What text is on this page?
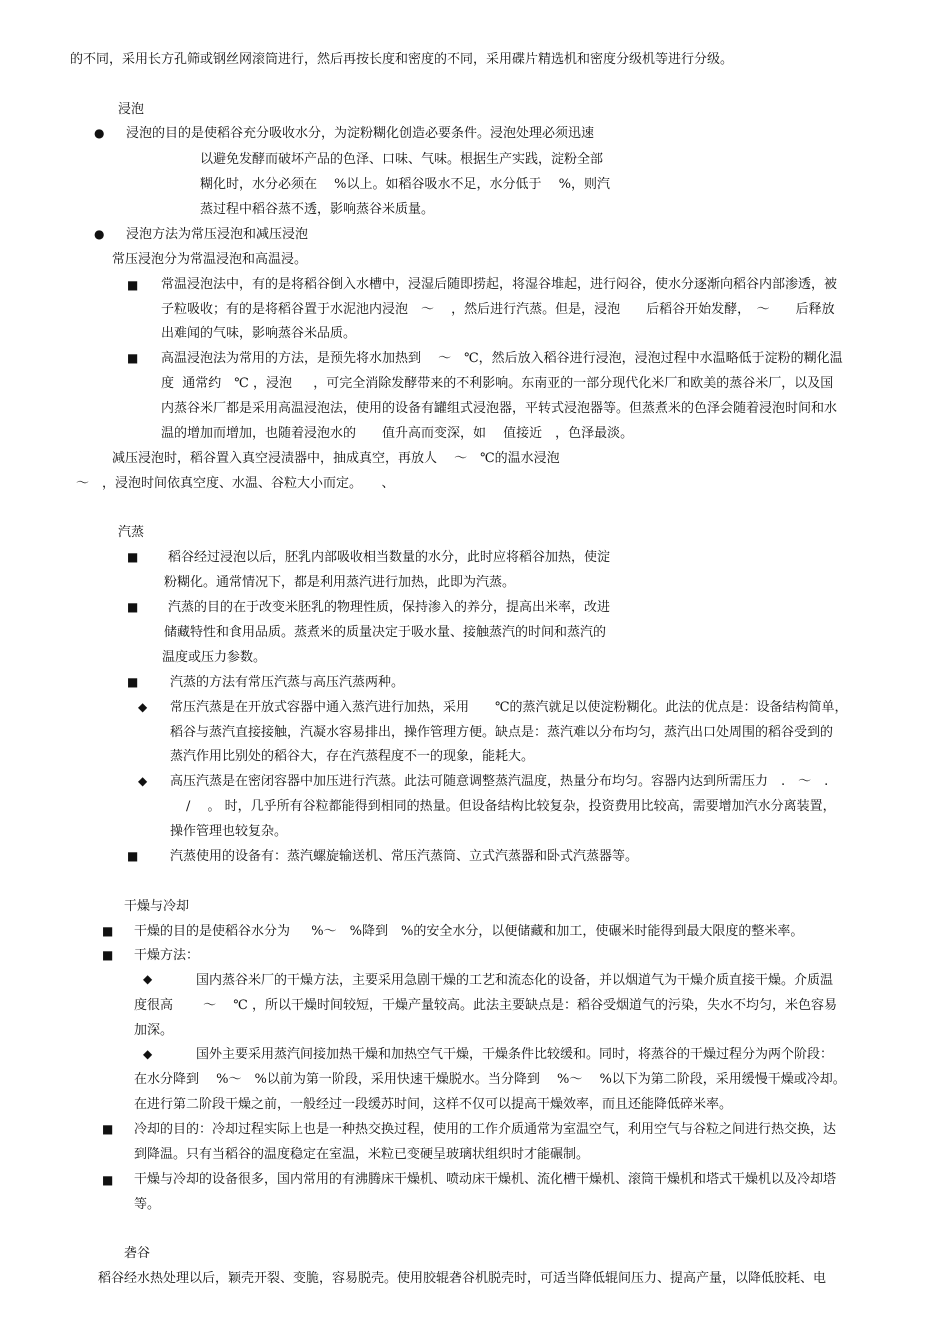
●
●
■
■
■
■
■
◆
◆
■
■
■
◆
◆
■
■
的不同，采用长方孔筛或钢丝网滚筒进行，然后再按长度和密度的不同，采用碟片精选机和密度分级机等进行分级。
浸泡
浸泡的目的是使稻谷充分吸收水分，为淀粉糊化创造必要条件。浸泡处理必须迅速
以避免发酵而破坏产品的色泽、口味、气味。根据生产实践，淀粉全部
糊化时，水分必须在　 %以上。如稻谷吸水不足，水分低于　 %，则汽
蒸过程中稻谷蒸不透，影响蒸谷米质量。
浸泡方法为常压浸泡和减压浸泡
常压浸泡分为常温浸泡和高温浸。
常温浸泡法中，有的是将稻谷倒入水槽中，浸湿后随即捞起，将湿谷堆起，进行闷谷，使水分逐渐向稻谷内部渗透，被
子粒吸收；有的是将稻谷置于水泥池内浸泡　～　 ，然后进行汽蒸。但是，浸泡　　后稻谷开始发酵，　～　　后释放
出难闻的气味，影响蒸谷米品质。
高温浸泡法为常用的方法，是预先将水加热到　 ～　℃，然后放入稻谷进行浸泡，浸泡过程中水温略低于淀粉的糊化温
度  通常约　℃ ，浸泡　  ，可完全消除发酵带来的不利影响。东南亚的一部分现代化米厂和欧美的蒸谷米厂，以及国
内蒸谷米厂都是采用高温浸泡法，使用的设备有罐组式浸泡器，平转式浸泡器等。但蒸煮米的色泽会随着浸泡时间和水
温的增加而增加，也随着浸泡水的　　值升高而变深，如　 值接近　，色泽最淡。
减压浸泡时，稻谷置入真空浸渍器中，抽成真空，再放人　 ～　℃的温水浸泡
～　，浸泡时间依真空度、水温、谷粒大小而定。　　、
汽蒸
稻谷经过浸泡以后，胚乳内部吸收相当数量的水分，此时应将稻谷加热，使淀
粉糊化。通常情况下，都是利用蒸汽进行加热，此即为汽蒸。
汽蒸的目的在于改变米胚乳的物理性质，保持渗入的养分，提高出米率，改进
储藏特性和食用品质。蒸煮米的质量决定于吸水量、接触蒸汽的时间和蒸汽的
温度或压力参数。
汽蒸的方法有常压汽蒸与高压汽蒸两种。
常压汽蒸是在开放式容器中通入蒸汽进行加热，采用　　℃的蒸汽就足以使淀粉糊化。此法的优点是：设备结构简单，
稻谷与蒸汽直接接触，汽凝水容易排出，操作管理方便。缺点是：蒸汽难以分布均匀，蒸汽出口处周围的稻谷受到的
蒸汽作用比别处的稻谷大，存在汽蒸程度不一的现象，能耗大。
高压汽蒸是在密闭容器中加压进行汽蒸。此法可随意调整蒸汽温度，热量分布均匀。容器内达到所需压力　.　～　.
/　 。 时，几乎所有谷粒都能得到相同的热量。但设备结构比较复杂，投资费用比较高，需要增加汽水分离装置，
操作管理也较复杂。
汽蒸使用的设备有：蒸汽螺旋输送机、常压汽蒸筒、立式汽蒸器和卧式汽蒸器等。
干燥与冷却
干燥的目的是使稻谷水分为　  %～　%降到　%的安全水分，以便储藏和加工，使碾米时能得到最大限度的整米率。
干燥方法：
国内蒸谷米厂的干燥方法，主要采用急剧干燥的工艺和流态化的设备，并以烟道气为干燥介质直接干燥。介质温
度很高　　 ～　 ℃ ，所以干燥时间较短，干燥产量较高。此法主要缺点是：稻谷受烟道气的污染，失水不均匀，米色容易
加深。
国外主要采用蒸汽间接加热干燥和加热空气干燥，干燥条件比较缓和。同时，将蒸谷的干燥过程分为两个阶段：
在水分降到　 %～　%以前为第一阶段，采用快速干燥脱水。当分降到　 %～　 %以下为第二阶段，采用缓慢干燥或冷却。
在进行第二阶段干燥之前，一般经过一段缓苏时间，这样不仅可以提高干燥效率，而且还能降低碎米率。
冷却的目的：冷却过程实际上也是一种热交换过程，使用的工作介质通常为室温空气，利用空气与谷粒之间进行热交换，达
到降温。只有当稻谷的温度稳定在室温，米粒已变硬呈玻璃状组织时才能碾制。
干燥与冷却的设备很多，国内常用的有沸腾床干燥机、喷动床干燥机、流化槽干燥机、滚筒干燥机和塔式干燥机以及冷却塔
等。
砻谷
稻谷经水热处理以后，颖壳开裂、变脆，容易脱壳。使用胶辊砻谷机脱壳时，可适当降低辊间压力、提高产量，以降低胶耗、电
